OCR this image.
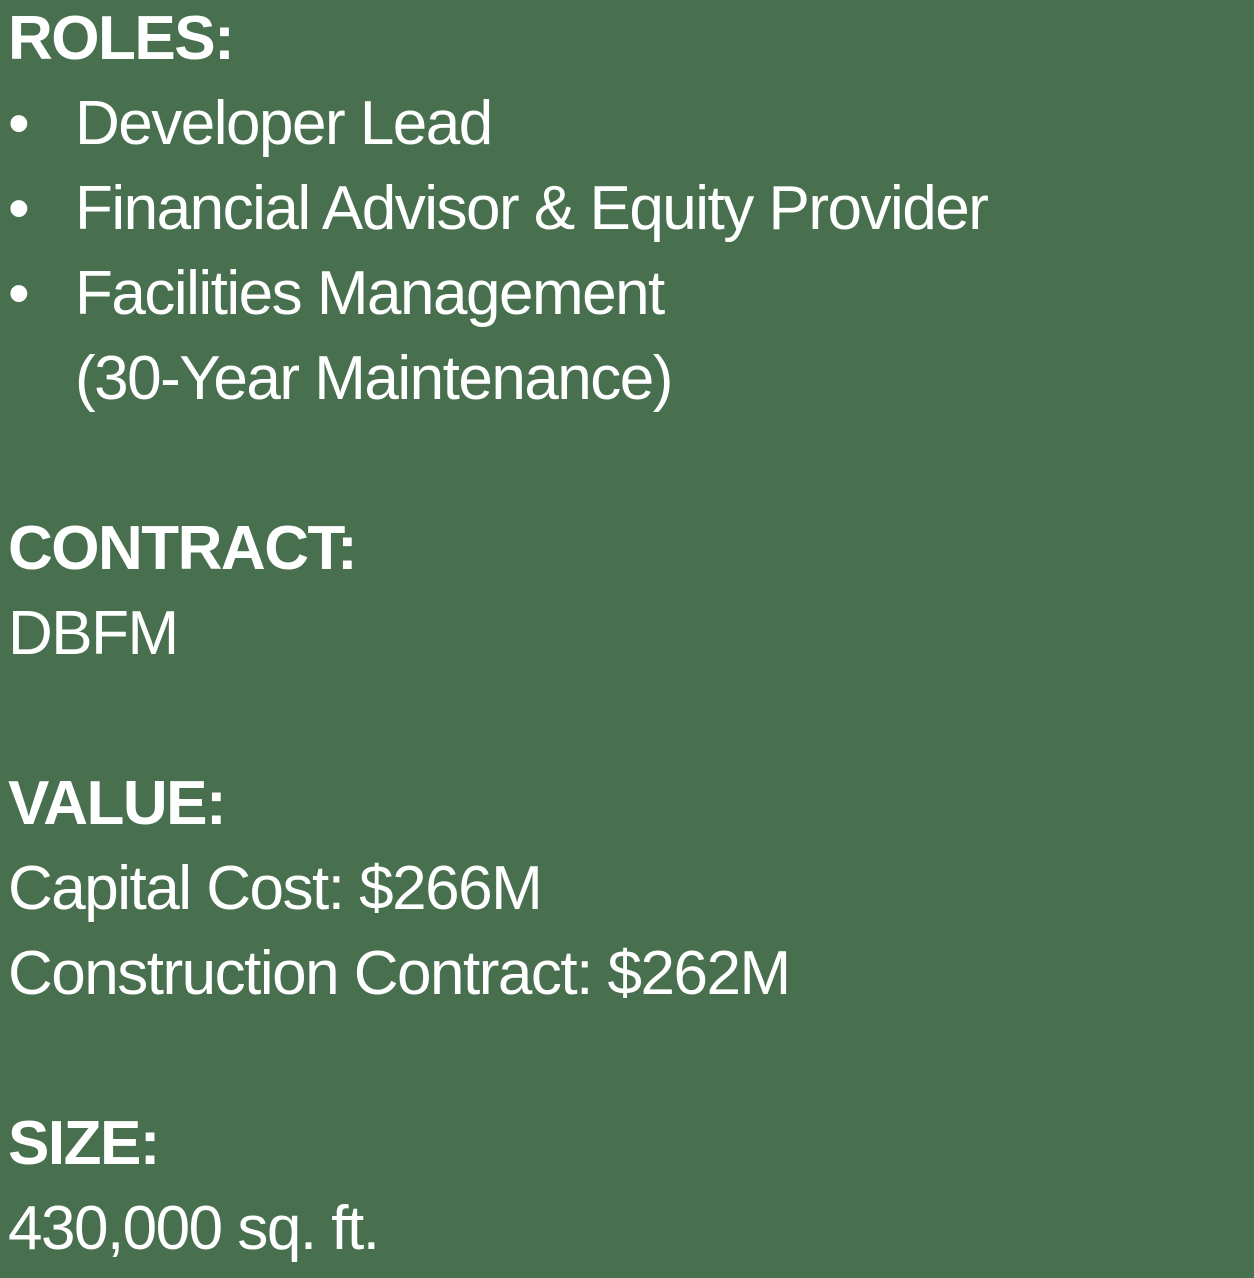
ROLES:
• Developer Lead
• Financial Advisor & Equity Provider
• Facilities Management
(30-Year Maintenance)
CONTRACT:
DBFM
VALUE:
Capital Cost: $266M
Construction Contract: $262M
SIZE:
430,000 sq. ft.
